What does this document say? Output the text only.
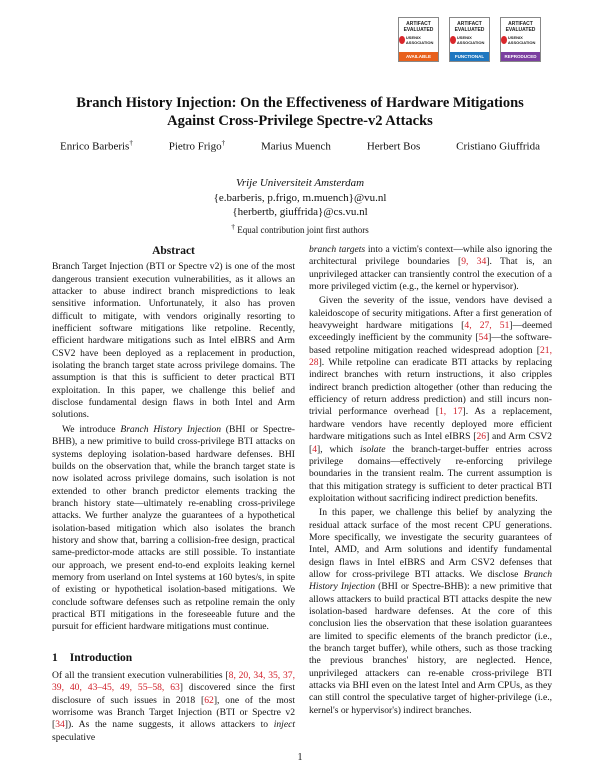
ARTIFACT
EVALUATED
USENIX ASSOCIATION
AVAILABLE
ARTIFACT
EVALUATED
USENIX ASSOCIATION
FUNCTIONAL
ARTIFACT
EVALUATED
USENIX ASSOCIATION
REPRODUCED
Branch History Injection: On the Effectiveness of Hardware Mitigations
Against Cross-Privilege Spectre-v2 Attacks
Enrico Barberis†	Pietro Frigo†	Marius Muench	Herbert Bos	Cristiano Giuffrida
Vrije Universiteit Amsterdam
{e.barberis, p.frigo, m.muench}@vu.nl
{herbertb, giuffrida}@cs.vu.nl
† Equal contribution joint first authors
Abstract

Branch Target Injection (BTI or Spectre v2) is one of the most dangerous transient execution vulnerabilities, as it allows an attacker to abuse indirect branch mispredictions to leak sensitive information. Unfortunately, it also has proven difficult to mitigate, with vendors originally resorting to inefficient software mitigations like retpoline. Recently, efficient hardware mitigations such as Intel eIBRS and Arm CSV2 have been deployed as a replacement in production, isolating the branch target state across privilege domains. The assumption is that this is sufficient to deter practical BTI exploitation. In this paper, we challenge this belief and disclose fundamental design flaws in both Intel and Arm solutions.

We introduce Branch History Injection (BHI or Spectre-BHB), a new primitive to build cross-privilege BTI attacks on systems deploying isolation-based hardware defenses. BHI builds on the observation that, while the branch target state is now isolated across privilege domains, such isolation is not extended to other branch predictor elements tracking the branch history state—ultimately re-enabling cross-privilege attacks. We further analyze the guarantees of a hypothetical isolation-based mitigation which also isolates the branch history and show that, barring a collision-free design, practical same-predictor-mode attacks are still possible. To instantiate our approach, we present end-to-end exploits leaking kernel memory from userland on Intel systems at 160 bytes/s, in spite of existing or hypothetical isolation-based mitigations. We conclude software defenses such as retpoline remain the only practical BTI mitigations in the foreseeable future and the pursuit for efficient hardware mitigations must continue.

1 Introduction

Of all the transient execution vulnerabilities [8, 20, 34, 35, 37, 39, 40, 43–45, 49, 55–58, 63] discovered since the first disclosure of such issues in 2018 [62], one of the most worrisome was Branch Target Injection (BTI or Spectre v2 [34]). As the name suggests, it allows attackers to inject speculative

branch targets into a victim's context—while also ignoring the architectural privilege boundaries [9, 34]. That is, an unprivileged attacker can transiently control the execution of a more privileged victim (e.g., the kernel or hypervisor).

Given the severity of the issue, vendors have devised a kaleidoscope of security mitigations. After a first generation of heavyweight hardware mitigations [4, 27, 51]—deemed exceedingly inefficient by the community [54]—the software-based retpoline mitigation reached widespread adoption [21, 28]. While retpoline can eradicate BTI attacks by replacing indirect branches with return instructions, it also cripples indirect branch prediction altogether (other than reducing the efficiency of return address prediction) and still incurs non-trivial performance overhead [1, 17]. As a replacement, hardware vendors have recently deployed more efficient hardware mitigations such as Intel eIBRS [26] and Arm CSV2 [4], which isolate the branch-target-buffer entries across privilege domains—effectively re-enforcing privilege boundaries in the transient realm. The current assumption is that this mitigation strategy is sufficient to deter practical BTI exploitation without sacrificing indirect prediction benefits.

In this paper, we challenge this belief by analyzing the residual attack surface of the most recent CPU generations. More specifically, we investigate the security guarantees of Intel, AMD, and Arm solutions and identify fundamental design flaws in Intel eIBRS and Arm CSV2 defenses that allow for cross-privilege BTI attacks. We disclose Branch History Injection (BHI or Spectre-BHB): a new primitive that allows attackers to build practical BTI attacks despite the new isolation-based hardware defenses. At the core of this conclusion lies the observation that these isolation guarantees are limited to specific elements of the branch predictor (i.e., the branch target buffer), while others, such as those tracking the previous branches' history, are neglected. Hence, unprivileged attackers can re-enable cross-privilege BTI attacks via BHI even on the latest Intel and Arm CPUs, as they can still control the speculative target of higher-privilege (i.e., kernel's or hypervisor's) indirect branches.

1
